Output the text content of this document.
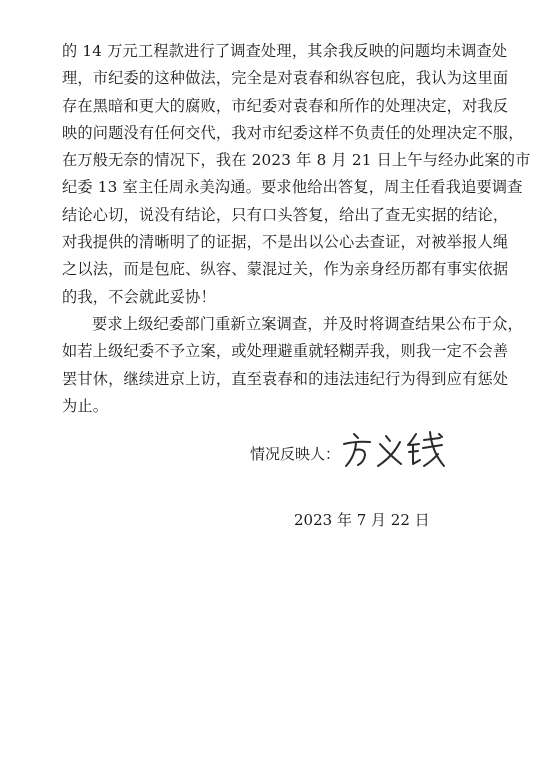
的 14 万元工程款进行了调查处理，其余我反映的问题均未调查处
理，市纪委的这种做法，完全是对袁春和纵容包庇，我认为这里面
存在黑暗和更大的腐败，市纪委对袁春和所作的处理决定，对我反
映的问题没有任何交代，我对市纪委这样不负责任的处理决定不服，
在万般无奈的情况下，我在 2023 年 8 月 21 日上午与经办此案的市
纪委 13 室主任周永美沟通。要求他给出答复，周主任看我追要调查
结论心切，说没有结论，只有口头答复，给出了查无实据的结论，
对我提供的清晰明了的证据，不是出以公心去查证，对被举报人绳
之以法，而是包庇、纵容、蒙混过关，作为亲身经历都有事实依据
的我，不会就此妥协！
要求上级纪委部门重新立案调查，并及时将调查结果公布于众，
如若上级纪委不予立案，或处理避重就轻糊弄我，则我一定不会善
罢甘休，继续进京上访，直至袁春和的违法违纪行为得到应有惩处
为止。
情况反映人：
2023 年 7 月 22 日
